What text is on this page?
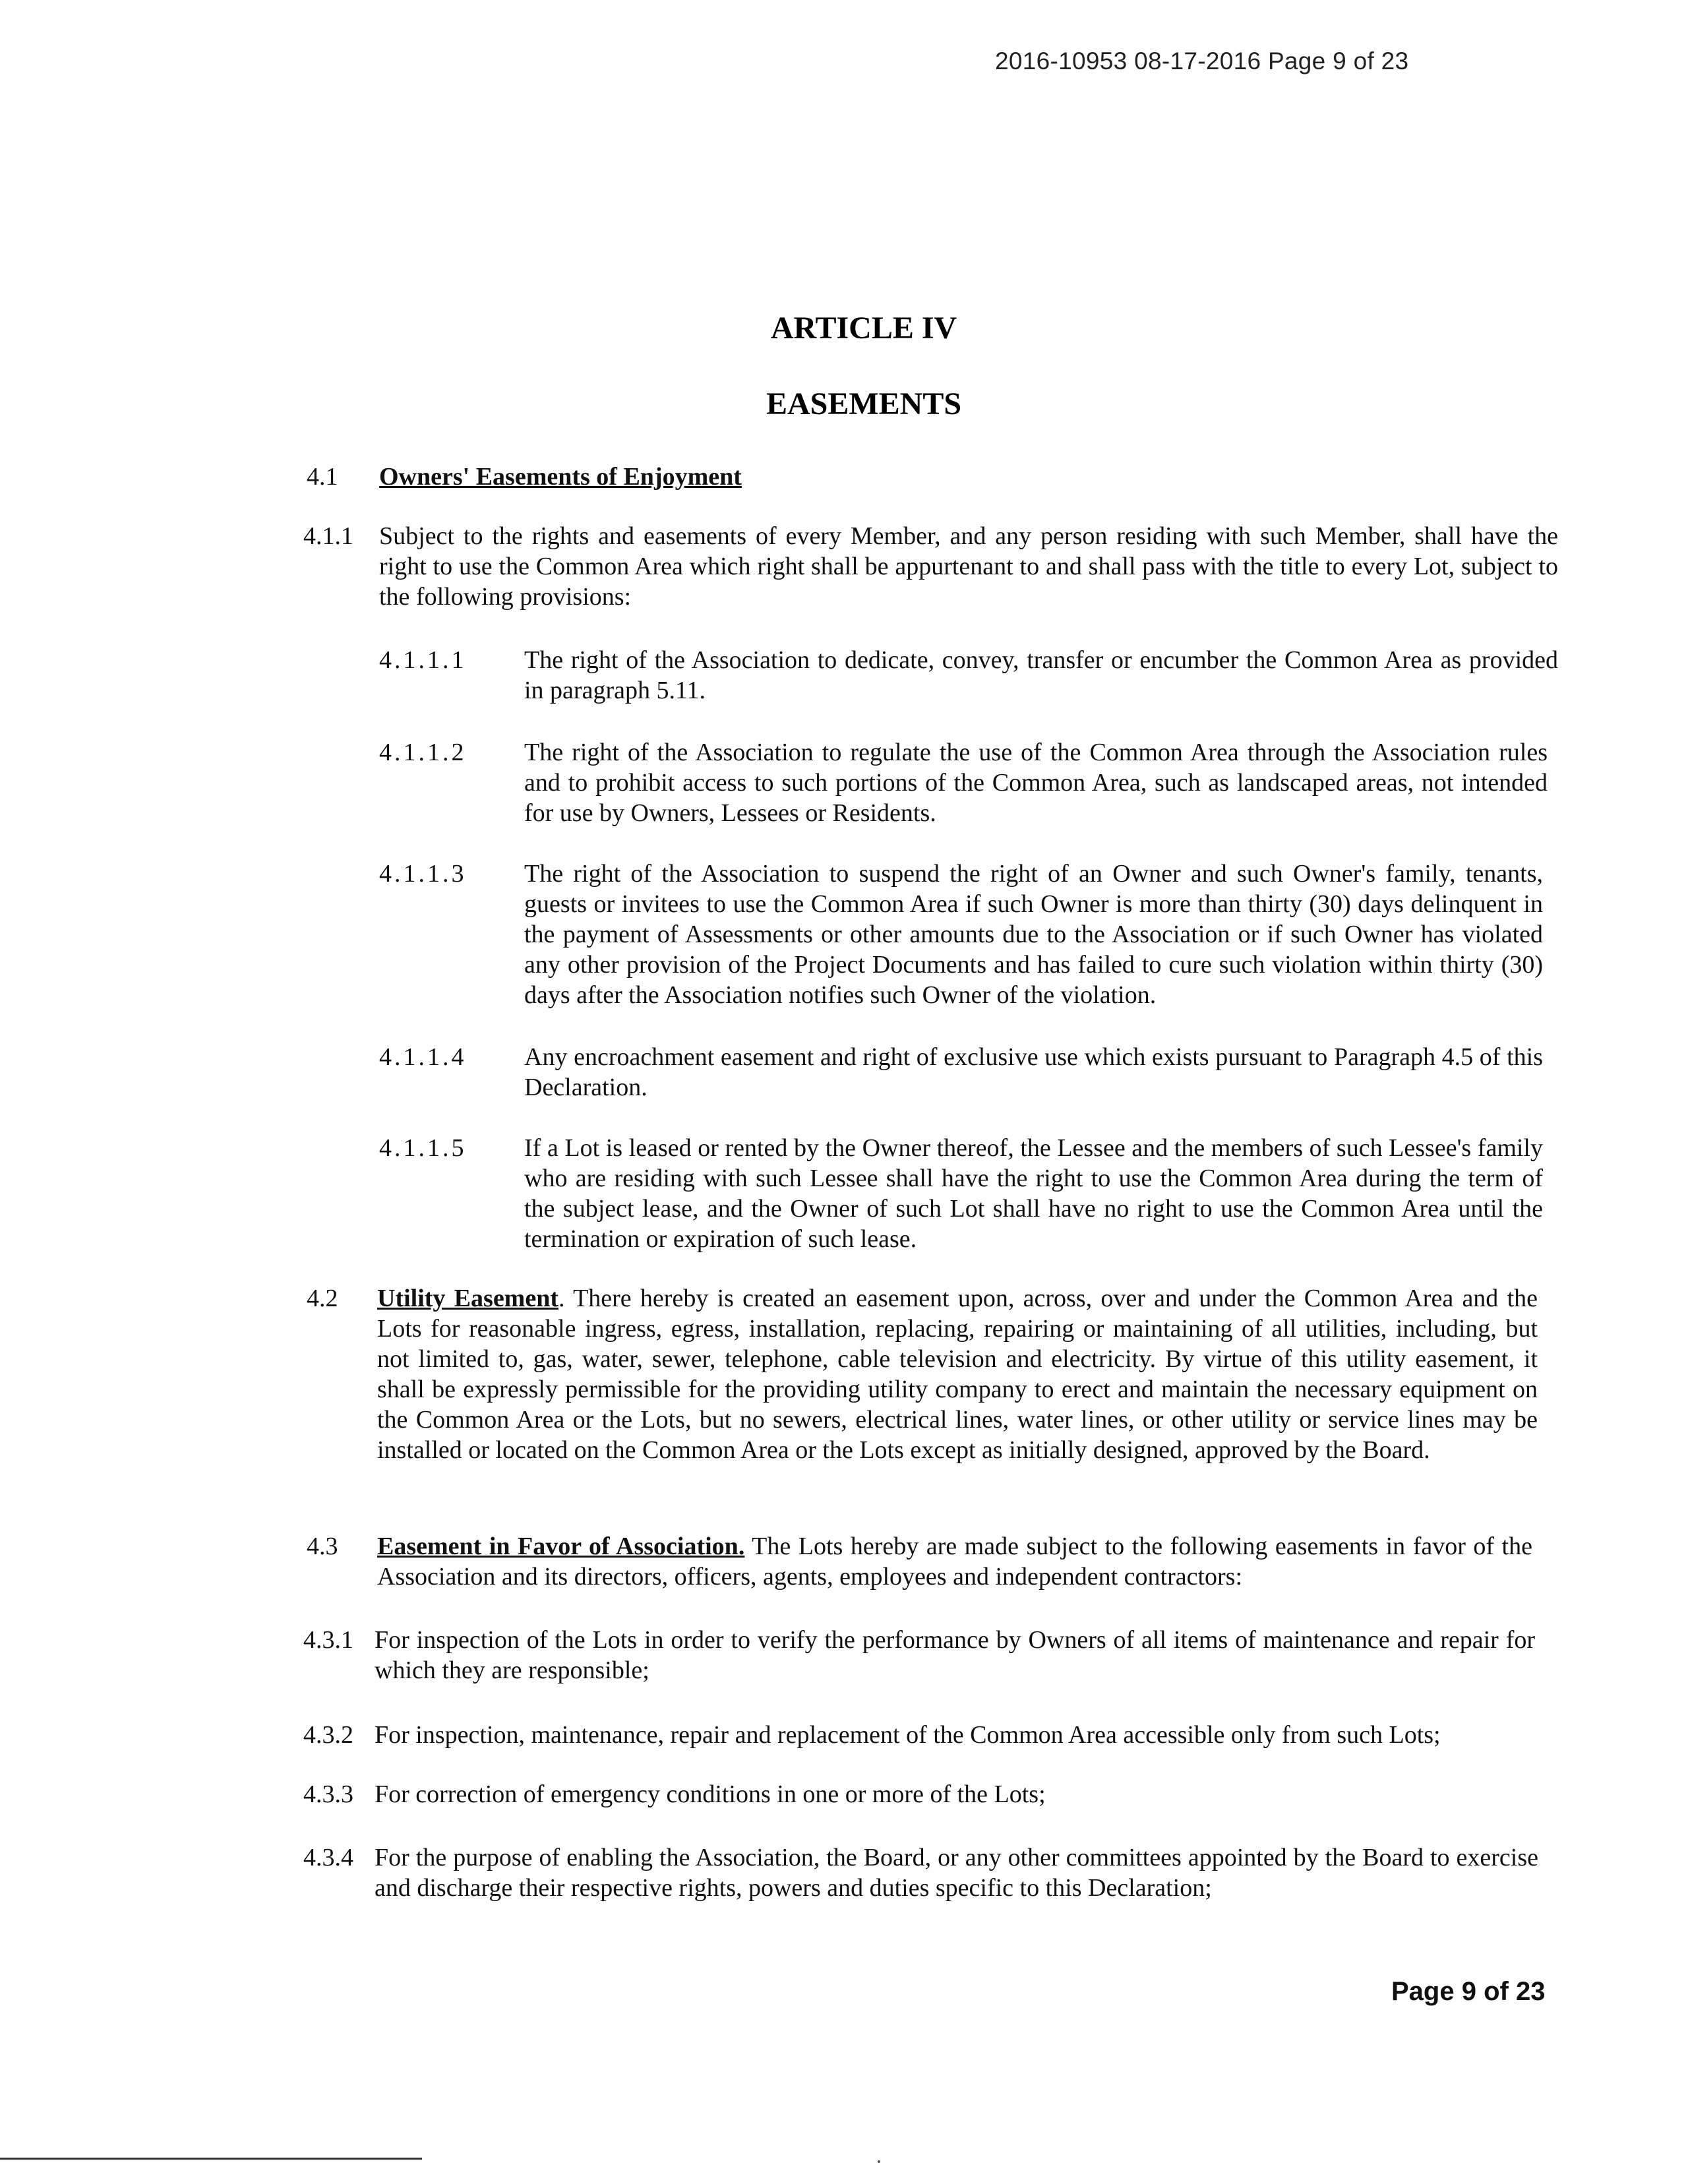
2016-10953 08-17-2016 Page 9 of 23
ARTICLE IV
EASEMENTS
4.1 Owners' Easements of Enjoyment
4.1.1 Subject to the rights and easements of every Member, and any person residing with such Member, shall have the right to use the Common Area which right shall be appurtenant to and shall pass with the title to every Lot, subject to the following provisions:
4.1.1.1 The right of the Association to dedicate, convey, transfer or encumber the Common Area as provided in paragraph 5.11.
4.1.1.2 The right of the Association to regulate the use of the Common Area through the Association rules and to prohibit access to such portions of the Common Area, such as landscaped areas, not intended for use by Owners, Lessees or Residents.
4.1.1.3 The right of the Association to suspend the right of an Owner and such Owner's family, tenants, guests or invitees to use the Common Area if such Owner is more than thirty (30) days delinquent in the payment of Assessments or other amounts due to the Association or if such Owner has violated any other provision of the Project Documents and has failed to cure such violation within thirty (30) days after the Association notifies such Owner of the violation.
4.1.1.4 Any encroachment easement and right of exclusive use which exists pursuant to Paragraph 4.5 of this Declaration.
4.1.1.5 If a Lot is leased or rented by the Owner thereof, the Lessee and the members of such Lessee's family who are residing with such Lessee shall have the right to use the Common Area during the term of the subject lease, and the Owner of such Lot shall have no right to use the Common Area until the termination or expiration of such lease.
4.2 Utility Easement. There hereby is created an easement upon, across, over and under the Common Area and the Lots for reasonable ingress, egress, installation, replacing, repairing or maintaining of all utilities, including, but not limited to, gas, water, sewer, telephone, cable television and electricity. By virtue of this utility easement, it shall be expressly permissible for the providing utility company to erect and maintain the necessary equipment on the Common Area or the Lots, but no sewers, electrical lines, water lines, or other utility or service lines may be installed or located on the Common Area or the Lots except as initially designed, approved by the Board.
4.3 Easement in Favor of Association. The Lots hereby are made subject to the following easements in favor of the Association and its directors, officers, agents, employees and independent contractors:
4.3.1 For inspection of the Lots in order to verify the performance by Owners of all items of maintenance and repair for which they are responsible;
4.3.2 For inspection, maintenance, repair and replacement of the Common Area accessible only from such Lots;
4.3.3 For correction of emergency conditions in one or more of the Lots;
4.3.4 For the purpose of enabling the Association, the Board, or any other committees appointed by the Board to exercise and discharge their respective rights, powers and duties specific to this Declaration;
Page 9 of 23
